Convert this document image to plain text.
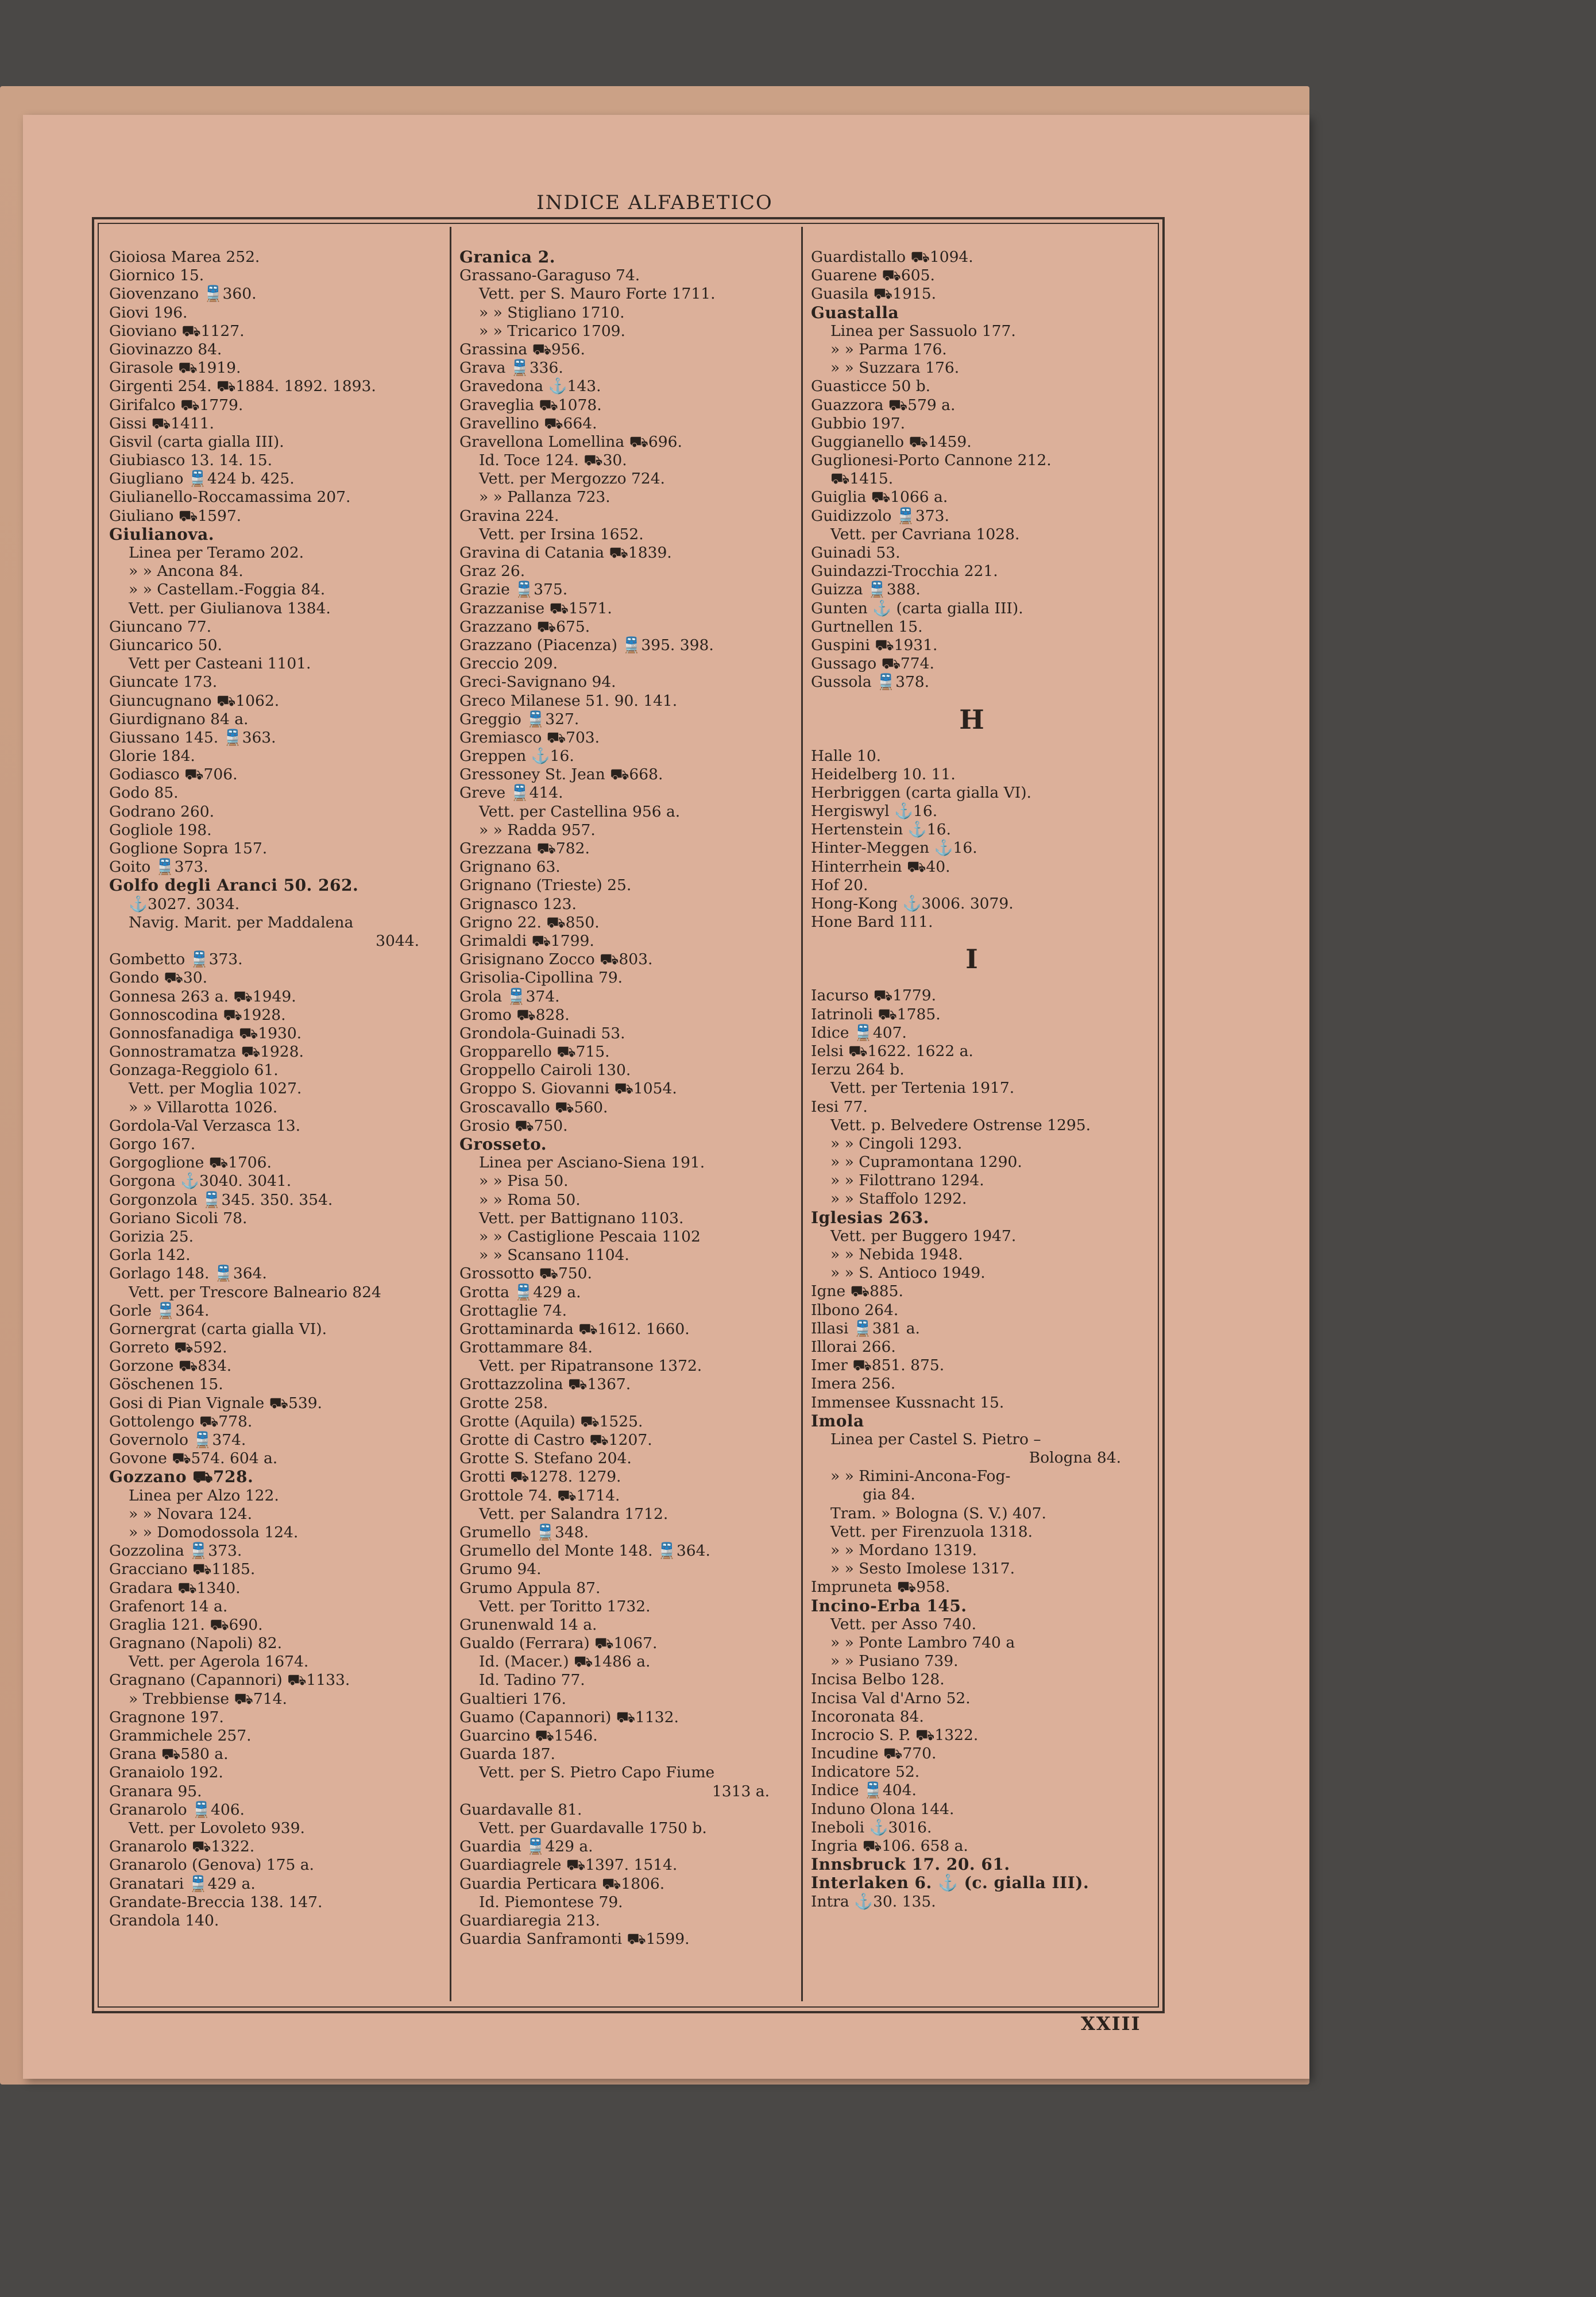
INDICE ALFABETICO
Gioiosa Marea 252.
Giornico 15.
Giovenzano 🚆360.
Giovi 196.
Gioviano ⛟1127.
Giovinazzo 84.
Girasole ⛟1919.
Girgenti 254. ⛟1884. 1892. 1893.
Girifalco ⛟1779.
Gissi ⛟1411.
Gisvil (carta gialla III).
Giubiasco 13. 14. 15.
Giugliano 🚆424 b. 425.
Giulianello-Roccamassima 207.
Giuliano ⛟1597.
Giulianova.
Linea per Teramo 202.
» » Ancona 84.
» » Castellam.-Foggia 84.
Vett. per Giulianova 1384.
Giuncano 77.
Giuncarico 50.
Vett per Casteani 1101.
Giuncate 173.
Giuncugnano ⛟1062.
Giurdignano 84 a.
Giussano 145. 🚆363.
Glorie 184.
Godiasco ⛟706.
Godo 85.
Godrano 260.
Gogliole 198.
Goglione Sopra 157.
Goito 🚆373.
Golfo degli Aranci 50. 262.
⚓3027. 3034.
Navig. Marit. per Maddalena
3044.
Gombetto 🚆373.
Gondo ⛟30.
Gonnesa 263 a. ⛟1949.
Gonnoscodina ⛟1928.
Gonnosfanadiga ⛟1930.
Gonnostramatza ⛟1928.
Gonzaga-Reggiolo 61.
Vett. per Moglia 1027.
» » Villarotta 1026.
Gordola-Val Verzasca 13.
Gorgo 167.
Gorgoglione ⛟1706.
Gorgona ⚓3040. 3041.
Gorgonzola 🚆345. 350. 354.
Goriano Sicoli 78.
Gorizia 25.
Gorla 142.
Gorlago 148. 🚆364.
Vett. per Trescore Balneario 824
Gorle 🚆364.
Gornergrat (carta gialla VI).
Gorreto ⛟592.
Gorzone ⛟834.
Göschenen 15.
Gosi di Pian Vignale ⛟539.
Gottolengo ⛟778.
Governolo 🚆374.
Govone ⛟574. 604 a.
Gozzano ⛟728.
Linea per Alzo 122.
» » Novara 124.
» » Domodossola 124.
Gozzolina 🚆373.
Gracciano ⛟1185.
Gradara ⛟1340.
Grafenort 14 a.
Graglia 121. ⛟690.
Gragnano (Napoli) 82.
Vett. per Agerola 1674.
Gragnano (Capannori) ⛟1133.
» Trebbiense ⛟714.
Gragnone 197.
Grammichele 257.
Grana ⛟580 a.
Granaiolo 192.
Granara 95.
Granarolo 🚆406.
Vett. per Lovoleto 939.
Granarolo ⛟1322.
Granarolo (Genova) 175 a.
Granatari 🚆429 a.
Grandate-Breccia 138. 147.
Grandola 140.
Granica 2.
Grassano-Garaguso 74.
Vett. per S. Mauro Forte 1711.
» » Stigliano 1710.
» » Tricarico 1709.
Grassina ⛟956.
Grava 🚆336.
Gravedona ⚓143.
Graveglia ⛟1078.
Gravellino ⛟664.
Gravellona Lomellina ⛟696.
Id. Toce 124. ⛟30.
Vett. per Mergozzo 724.
» » Pallanza 723.
Gravina 224.
Vett. per Irsina 1652.
Gravina di Catania ⛟1839.
Graz 26.
Grazie 🚆375.
Grazzanise ⛟1571.
Grazzano ⛟675.
Grazzano (Piacenza) 🚆395. 398.
Greccio 209.
Greci-Savignano 94.
Greco Milanese 51. 90. 141.
Greggio 🚆327.
Gremiasco ⛟703.
Greppen ⚓16.
Gressoney St. Jean ⛟668.
Greve 🚆414.
Vett. per Castellina 956 a.
» » Radda 957.
Grezzana ⛟782.
Grignano 63.
Grignano (Trieste) 25.
Grignasco 123.
Grigno 22. ⛟850.
Grimaldi ⛟1799.
Grisignano Zocco ⛟803.
Grisolia-Cipollina 79.
Grola 🚆374.
Gromo ⛟828.
Grondola-Guinadi 53.
Gropparello ⛟715.
Groppello Cairoli 130.
Groppo S. Giovanni ⛟1054.
Groscavallo ⛟560.
Grosio ⛟750.
Grosseto.
Linea per Asciano-Siena 191.
» » Pisa 50.
» » Roma 50.
Vett. per Battignano 1103.
» » Castiglione Pescaia 1102
» » Scansano 1104.
Grossotto ⛟750.
Grotta 🚆429 a.
Grottaglie 74.
Grottaminarda ⛟1612. 1660.
Grottammare 84.
Vett. per Ripatransone 1372.
Grottazzolina ⛟1367.
Grotte 258.
Grotte (Aquila) ⛟1525.
Grotte di Castro ⛟1207.
Grotte S. Stefano 204.
Grotti ⛟1278. 1279.
Grottole 74. ⛟1714.
Vett. per Salandra 1712.
Grumello 🚆348.
Grumello del Monte 148. 🚆364.
Grumo 94.
Grumo Appula 87.
Vett. per Toritto 1732.
Grunenwald 14 a.
Gualdo (Ferrara) ⛟1067.
Id. (Macer.) ⛟1486 a.
Id. Tadino 77.
Gualtieri 176.
Guamo (Capannori) ⛟1132.
Guarcino ⛟1546.
Guarda 187.
Vett. per S. Pietro Capo Fiume
1313 a.
Guardavalle 81.
Vett. per Guardavalle 1750 b.
Guardia 🚆429 a.
Guardiagrele ⛟1397. 1514.
Guardia Perticara ⛟1806.
Id. Piemontese 79.
Guardiaregia 213.
Guardia Sanframonti ⛟1599.
Guardistallo ⛟1094.
Guarene ⛟605.
Guasila ⛟1915.
Guastalla
Linea per Sassuolo 177.
» » Parma 176.
» » Suzzara 176.
Guasticce 50 b.
Guazzora ⛟579 a.
Gubbio 197.
Guggianello ⛟1459.
Guglionesi-Porto Cannone 212.
⛟1415.
Guiglia ⛟1066 a.
Guidizzolo 🚆373.
Vett. per Cavriana 1028.
Guinadi 53.
Guindazzi-Trocchia 221.
Guizza 🚆388.
Gunten ⚓ (carta gialla III).
Gurtnellen 15.
Guspini ⛟1931.
Gussago ⛟774.
Gussola 🚆378.
H
Halle 10.
Heidelberg 10. 11.
Herbriggen (carta gialla VI).
Hergiswyl ⚓16.
Hertenstein ⚓16.
Hinter-Meggen ⚓16.
Hinterrhein ⛟40.
Hof 20.
Hong-Kong ⚓3006. 3079.
Hone Bard 111.
I
Iacurso ⛟1779.
Iatrinoli ⛟1785.
Idice 🚆407.
Ielsi ⛟1622. 1622 a.
Ierzu 264 b.
Vett. per Tertenia 1917.
Iesi 77.
Vett. p. Belvedere Ostrense 1295.
» » Cingoli 1293.
» » Cupramontana 1290.
» » Filottrano 1294.
» » Staffolo 1292.
Iglesias 263.
Vett. per Buggero 1947.
» » Nebida 1948.
» » S. Antioco 1949.
Igne ⛟885.
Ilbono 264.
Illasi 🚆381 a.
Illorai 266.
Imer ⛟851. 875.
Imera 256.
Immensee Kussnacht 15.
Imola
Linea per Castel S. Pietro –
Bologna 84.
» » Rimini-Ancona-Fog-
gia 84.
Tram. » Bologna (S. V.) 407.
Vett. per Firenzuola 1318.
» » Mordano 1319.
» » Sesto Imolese 1317.
Impruneta ⛟958.
Incino-Erba 145.
Vett. per Asso 740.
» » Ponte Lambro 740 a
» » Pusiano 739.
Incisa Belbo 128.
Incisa Val d'Arno 52.
Incoronata 84.
Incrocio S. P. ⛟1322.
Incudine ⛟770.
Indicatore 52.
Indice 🚆404.
Induno Olona 144.
Ineboli ⚓3016.
Ingria ⛟106. 658 a.
Innsbruck 17. 20. 61.
Interlaken 6. ⚓ (c. gialla III).
Intra ⚓30. 135.
XXIII
